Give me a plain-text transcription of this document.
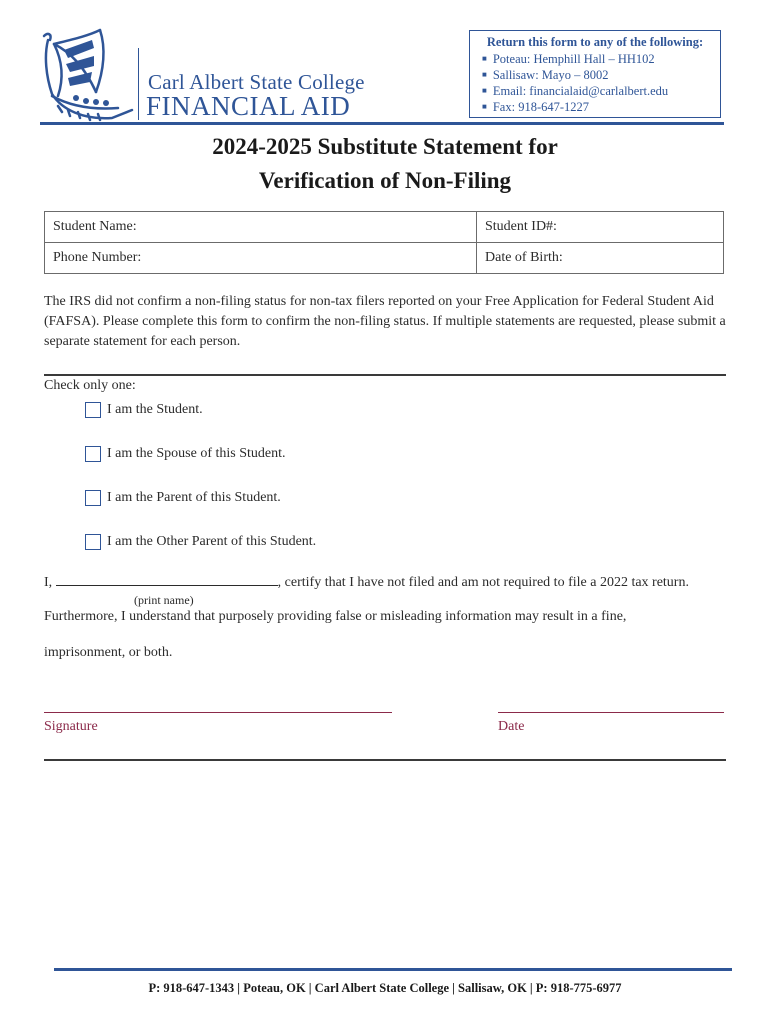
Carl Albert State College
FINANCIAL AID
Return this form to any of the following:
■ Poteau: Hemphill Hall – HH102
■ Sallisaw: Mayo – 8002
■ Email: financialaid@carlalbert.edu
■ Fax: 918-647-1227
2024-2025 Substitute Statement for
Verification of Non-Filing
Student Name:	Student ID#:
Phone Number:	Date of Birth:
The IRS did not confirm a non-filing status for non-tax filers reported on your Free Application for Federal Student Aid (FAFSA). Please complete this form to confirm the non-filing status. If multiple statements are requested, please submit a separate statement for each person.
Check only one:
I am the Student.
I am the Spouse of this Student.
I am the Parent of this Student.
I am the Other Parent of this Student.
I,	, certify that I have not filed and am not required to file a 2022 tax return.
(print name)
Furthermore, I understand that purposely providing false or misleading information may result in a fine,
imprisonment, or both.
Signature	Date
P: 918-647-1343 | Poteau, OK | Carl Albert State College | Sallisaw, OK | P: 918-775-6977
